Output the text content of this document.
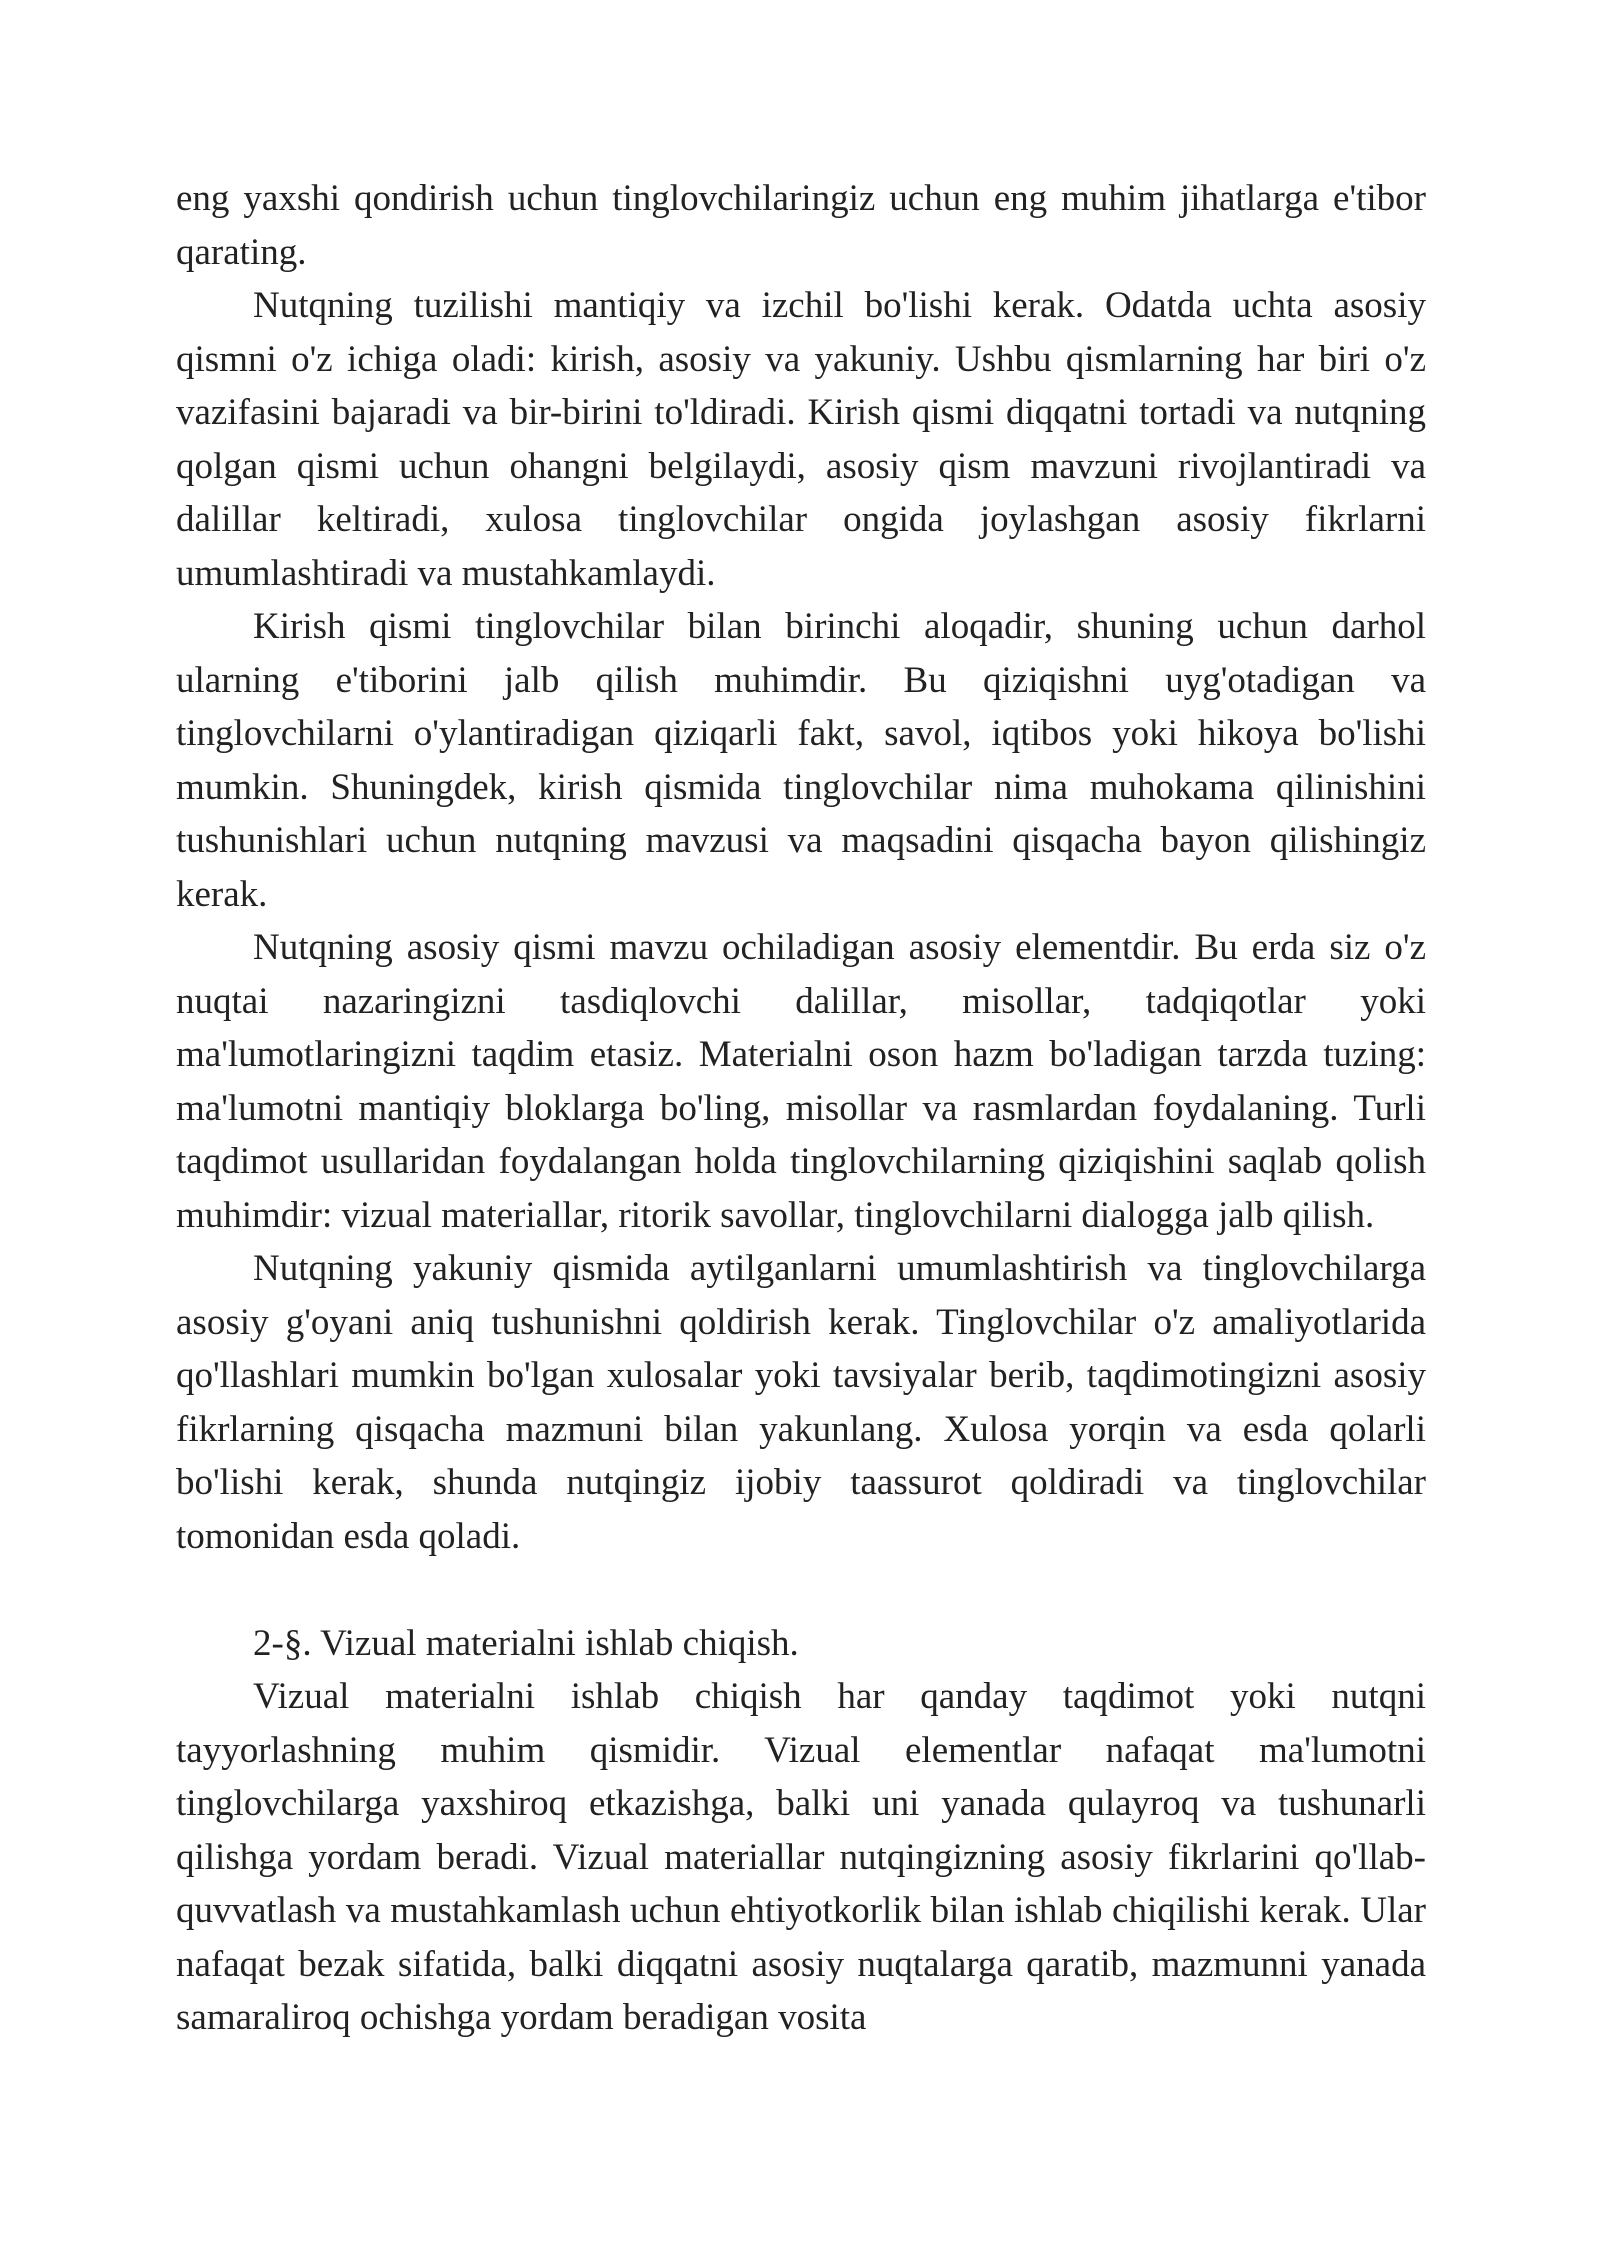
eng yaxshi qondirish uchun tinglovchilaringiz uchun eng muhim jihatlarga e'tibor qarating.

Nutqning tuzilishi mantiqiy va izchil bo'lishi kerak. Odatda uchta asosiy qismni o'z ichiga oladi: kirish, asosiy va yakuniy. Ushbu qismlarning har biri o'z vazifasini bajaradi va bir-birini to'ldiradi. Kirish qismi diqqatni tortadi va nutqning qolgan qismi uchun ohangni belgilaydi, asosiy qism mavzuni rivojlantiradi va dalillar keltiradi, xulosa tinglovchilar ongida joylashgan asosiy fikrlarni umumlashtiradi va mustahkamlaydi.

Kirish qismi tinglovchilar bilan birinchi aloqadir, shuning uchun darhol ularning e'tiborini jalb qilish muhimdir. Bu qiziqishni uyg'otadigan va tinglovchilarni o'ylantiradigan qiziqarli fakt, savol, iqtibos yoki hikoya bo'lishi mumkin. Shuningdek, kirish qismida tinglovchilar nima muhokama qilinishini tushunishlari uchun nutqning mavzusi va maqsadini qisqacha bayon qilishingiz kerak.

Nutqning asosiy qismi mavzu ochiladigan asosiy elementdir. Bu erda siz o'z nuqtai nazaringizni tasdiqlovchi dalillar, misollar, tadqiqotlar yoki ma'lumotlaringizni taqdim etasiz. Materialni oson hazm bo'ladigan tarzda tuzing: ma'lumotni mantiqiy bloklarga bo'ling, misollar va rasmlardan foydalaning. Turli taqdimot usullaridan foydalangan holda tinglovchilarning qiziqishini saqlab qolish muhimdir: vizual materiallar, ritorik savollar, tinglovchilarni dialogga jalb qilish.

Nutqning yakuniy qismida aytilganlarni umumlashtirish va tinglovchilarga asosiy g'oyani aniq tushunishni qoldirish kerak. Tinglovchilar o'z amaliyotlarida qo'llashlari mumkin bo'lgan xulosalar yoki tavsiyalar berib, taqdimotingizni asosiy fikrlarning qisqacha mazmuni bilan yakunlang. Xulosa yorqin va esda qolarli bo'lishi kerak, shunda nutqingiz ijobiy taassurot qoldiradi va tinglovchilar tomonidan esda qoladi.

2-§. Vizual materialni ishlab chiqish.

Vizual materialni ishlab chiqish har qanday taqdimot yoki nutqni tayyorlashning muhim qismidir. Vizual elementlar nafaqat ma'lumotni tinglovchilarga yaxshiroq etkazishga, balki uni yanada qulayroq va tushunarli qilishga yordam beradi. Vizual materiallar nutqingizning asosiy fikrlarini qo'llab-quvvatlash va mustahkamlash uchun ehtiyotkorlik bilan ishlab chiqilishi kerak. Ular nafaqat bezak sifatida, balki diqqatni asosiy nuqtalarga qaratib, mazmunni yanada samaraliroq ochishga yordam beradigan vosita
